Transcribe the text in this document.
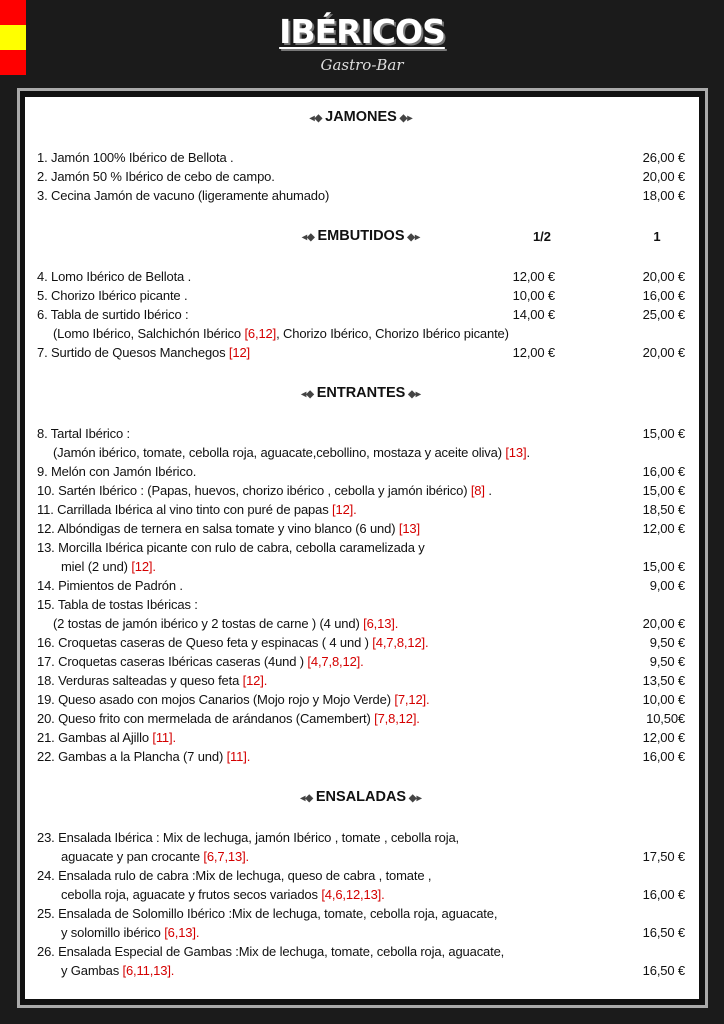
IBÉRICOS
Gastro-Bar
◂◆ JAMONES ◆▸
1. Jamón 100% Ibérico de Bellota .	26,00 €
2. Jamón 50 % Ibérico de cebo de campo.	20,00 €
3. Cecina Jamón de vacuno (ligeramente ahumado)	18,00 €
◂◆ EMBUTIDOS ◆▸	1/2	1
4. Lomo Ibérico de Bellota .	12,00 €	20,00 €
5. Chorizo Ibérico picante .	10,00 €	16,00 €
6. Tabla de surtido Ibérico :	14,00 €	25,00 €
(Lomo Ibérico, Salchichón Ibérico [6,12], Chorizo Ibérico, Chorizo Ibérico picante)
7. Surtido de Quesos Manchegos [12]	12,00 €	20,00 €
◂◆ ENTRANTES ◆▸
8. Tartal Ibérico :	15,00 €
(Jamón ibérico, tomate, cebolla roja, aguacate,cebollino, mostaza y aceite oliva) [13].
9. Melón con Jamón Ibérico.	16,00 €
10. Sartén Ibérico : (Papas, huevos, chorizo ibérico , cebolla y jamón ibérico) [8] .	15,00 €
11. Carrillada Ibérica al vino tinto con puré de papas [12].	18,50 €
12. Albóndigas de ternera en salsa tomate y vino blanco (6 und) [13]	12,00 €
13. Morcilla Ibérica picante con rulo de cabra, cebolla caramelizada y
miel (2 und) [12].	15,00 €
14. Pimientos de Padrón .	9,00 €
15. Tabla de tostas Ibéricas :
(2 tostas de jamón ibérico y 2 tostas de carne ) (4 und) [6,13].	20,00 €
16. Croquetas caseras de Queso feta y espinacas ( 4 und ) [4,7,8,12].	9,50 €
17. Croquetas caseras Ibéricas caseras (4und ) [4,7,8,12].	9,50 €
18. Verduras salteadas y queso feta [12].	13,50 €
19. Queso asado con mojos Canarios (Mojo rojo y Mojo Verde) [7,12].	10,00 €
20. Queso frito con mermelada de arándanos (Camembert) [7,8,12].	10,50€
21. Gambas al Ajillo [11].	12,00 €
22. Gambas a la Plancha (7 und) [11].	16,00 €
◂◆ ENSALADAS ◆▸
23. Ensalada Ibérica : Mix de lechuga, jamón Ibérico , tomate , cebolla roja,
aguacate y pan crocante [6,7,13].	17,50 €
24. Ensalada rulo de cabra :Mix de lechuga, queso de cabra , tomate ,
cebolla roja, aguacate y frutos secos variados [4,6,12,13].	16,00 €
25. Ensalada de Solomillo Ibérico :Mix de lechuga, tomate, cebolla roja, aguacate,
y solomillo ibérico [6,13].	16,50 €
26. Ensalada Especial de Gambas :Mix de lechuga, tomate, cebolla roja, aguacate,
y Gambas [6,11,13].	16,50 €
